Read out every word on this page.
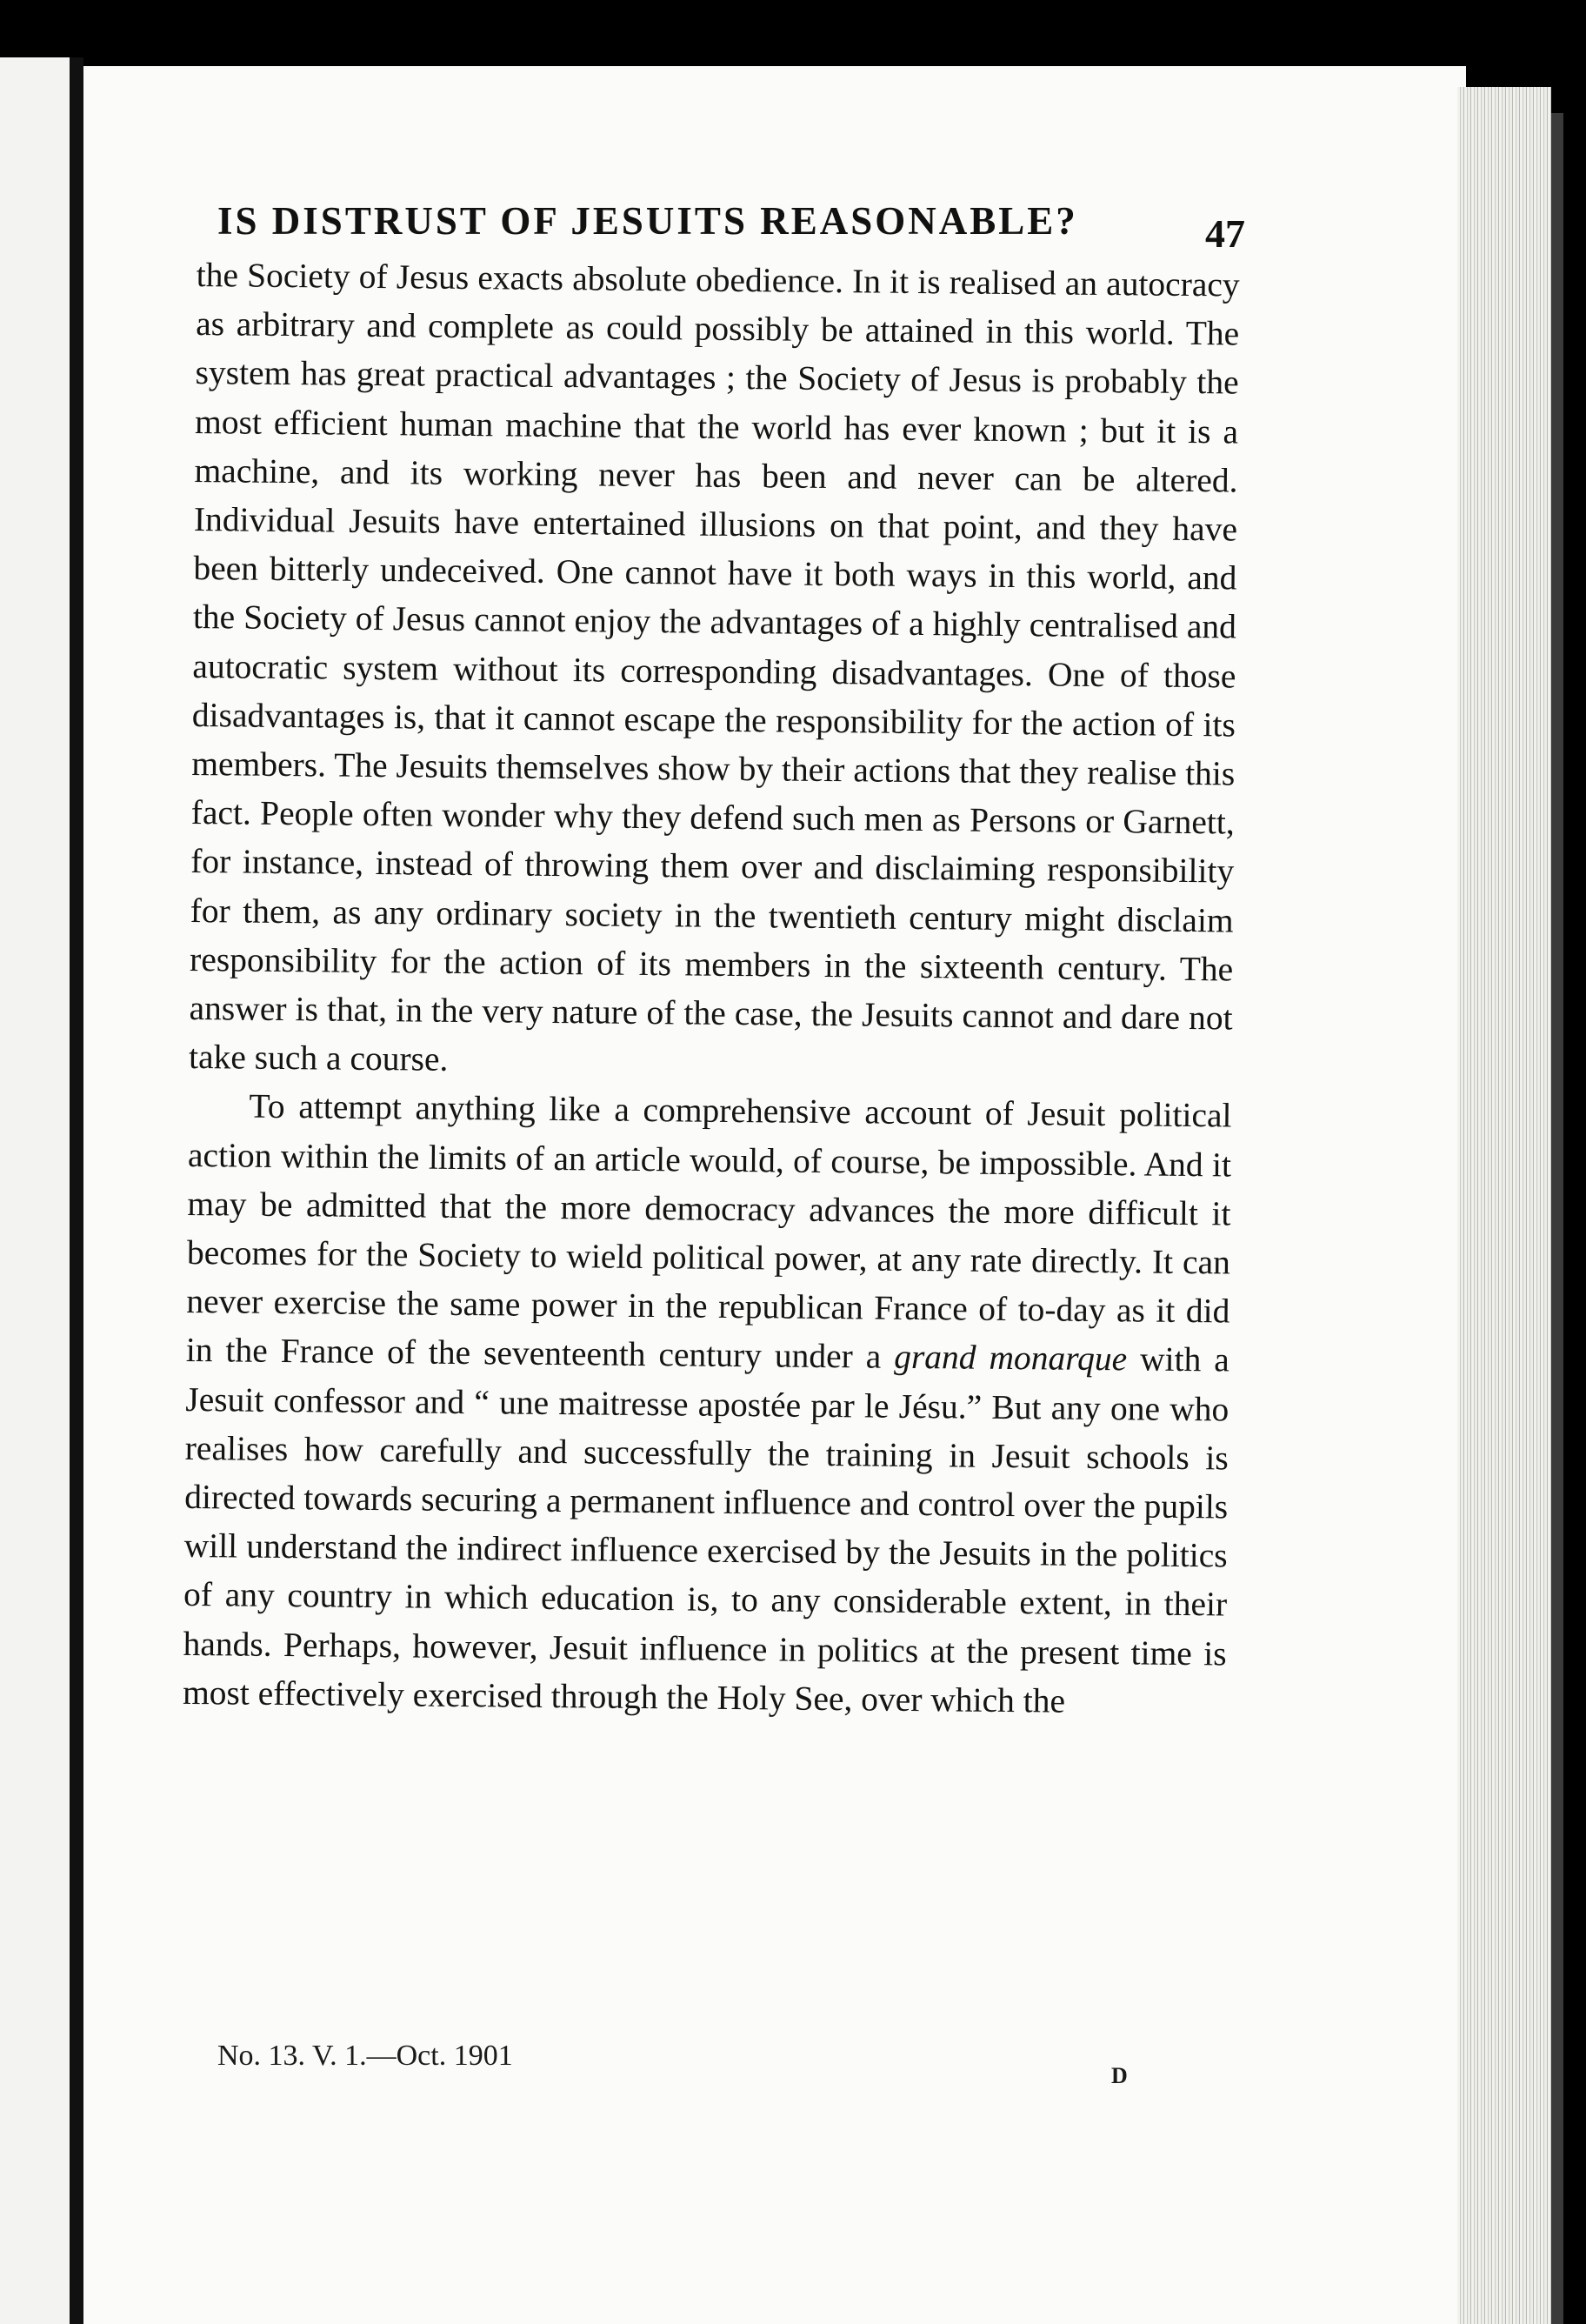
IS DISTRUST OF JESUITS REASONABLE?	47

the Society of Jesus exacts absolute obedience. In it is realised an autocracy as arbitrary and complete as could possibly be attained in this world. The system has great practical advantages ; the Society of Jesus is probably the most efficient human machine that the world has ever known ; but it is a machine, and its working never has been and never can be altered. Individual Jesuits have entertained illusions on that point, and they have been bitterly undeceived. One cannot have it both ways in this world, and the Society of Jesus cannot enjoy the advantages of a highly centralised and autocratic system without its corresponding disadvantages. One of those disadvantages is, that it cannot escape the responsibility for the action of its members. The Jesuits themselves show by their actions that they realise this fact. People often wonder why they defend such men as Persons or Garnett, for instance, instead of throwing them over and disclaiming responsibility for them, as any ordinary society in the twentieth century might disclaim responsibility for the action of its members in the sixteenth century. The answer is that, in the very nature of the case, the Jesuits cannot and dare not take such a course.

To attempt anything like a comprehensive account of Jesuit political action within the limits of an article would, of course, be impossible. And it may be admitted that the more democracy advances the more difficult it becomes for the Society to wield political power, at any rate directly. It can never exercise the same power in the republican France of to-day as it did in the France of the seventeenth century under a grand monarque with a Jesuit confessor and “ une maitresse apostée par le Jésu.” But any one who realises how carefully and successfully the training in Jesuit schools is directed towards securing a permanent influence and control over the pupils will understand the indirect influence exercised by the Jesuits in the politics of any country in which education is, to any considerable extent, in their hands. Perhaps, however, Jesuit influence in politics at the present time is most effectively exercised through the Holy See, over which the

No. 13. V. 1.—Oct. 1901
D
